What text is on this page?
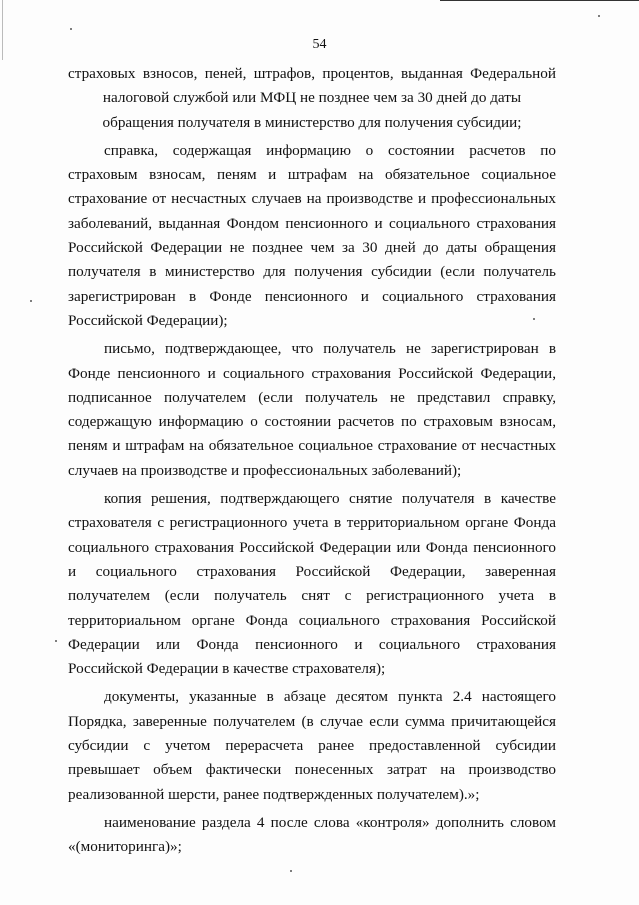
54
страховых взносов, пеней, штрафов, процентов, выданная Федеральной
налоговой службой или МФЦ не позднее чем за 30 дней до даты
обращения получателя в министерство для получения субсидии;
справка, содержащая информацию о состоянии расчетов по
страховым взносам, пеням и штрафам на обязательное социальное
страхование от несчастных случаев на производстве и профессиональных
заболеваний, выданная Фондом пенсионного и социального страхования
Российской Федерации не позднее чем за 30 дней до даты обращения
получателя в министерство для получения субсидии (если получатель
зарегистрирован в Фонде пенсионного и социального страхования
Российской Федерации);
письмо, подтверждающее, что получатель не зарегистрирован в
Фонде пенсионного и социального страхования Российской Федерации,
подписанное получателем (если получатель не представил справку,
содержащую информацию о состоянии расчетов по страховым взносам,
пеням и штрафам на обязательное социальное страхование от несчастных
случаев на производстве и профессиональных заболеваний);
копия решения, подтверждающего снятие получателя в качестве
страхователя с регистрационного учета в территориальном органе Фонда
социального страхования Российской Федерации или Фонда пенсионного
и социального страхования Российской Федерации, заверенная
получателем (если получатель снят с регистрационного учета в
территориальном органе Фонда социального страхования Российской
Федерации или Фонда пенсионного и социального страхования
Российской Федерации в качестве страхователя);
документы, указанные в абзаце десятом пункта 2.4 настоящего
Порядка, заверенные получателем (в случае если сумма причитающейся
субсидии с учетом перерасчета ранее предоставленной субсидии
превышает объем фактически понесенных затрат на производство
реализованной шерсти, ранее подтвержденных получателем).»;
наименование раздела 4 после слова «контроля» дополнить словом
«(мониторинга)»;
